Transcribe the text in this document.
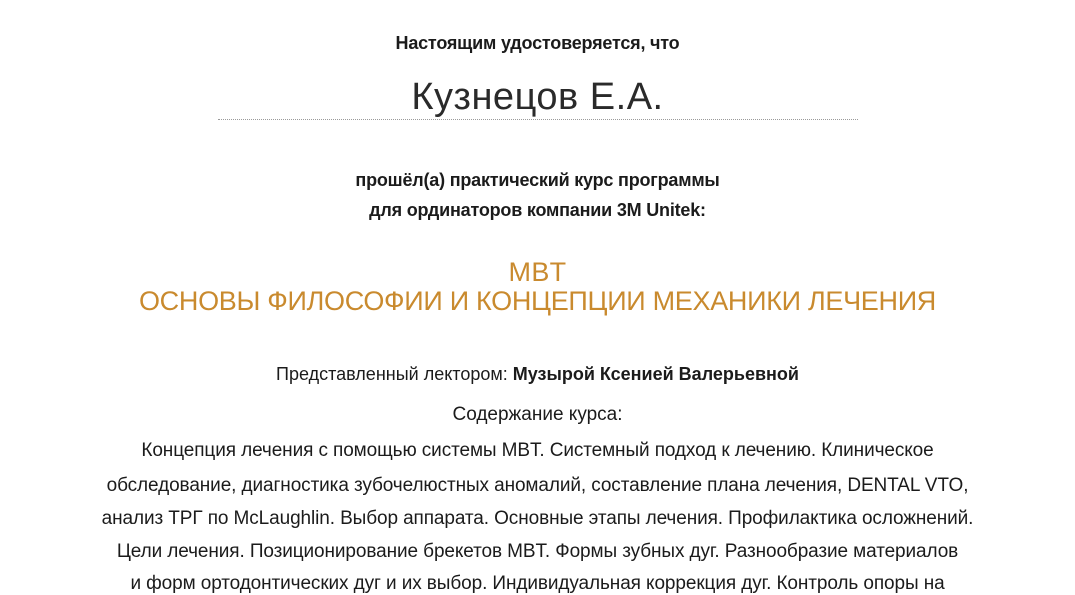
Настоящим удостоверяется, что
Кузнецов Е.А.
прошёл(а) практический курс программы
для ординаторов компании 3M Unitek:
MBT
ОСНОВЫ ФИЛОСОФИИ И КОНЦЕПЦИИ МЕХАНИКИ ЛЕЧЕНИЯ
Представленный лектором: Музырой Ксенией Валерьевной
Содержание курса:
Концепция лечения с помощью системы MBT. Системный подход к лечению. Клиническое
обследование, диагностика зубочелюстных аномалий, составление плана лечения, DENTAL VTO,
анализ ТРГ по McLaughlin. Выбор аппарата. Основные этапы лечения. Профилактика осложнений.
Цели лечения. Позиционирование брекетов MBT. Формы зубных дуг. Разнообразие материалов
и форм ортодонтических дуг и их выбор. Индивидуальная коррекция дуг. Контроль опоры на
